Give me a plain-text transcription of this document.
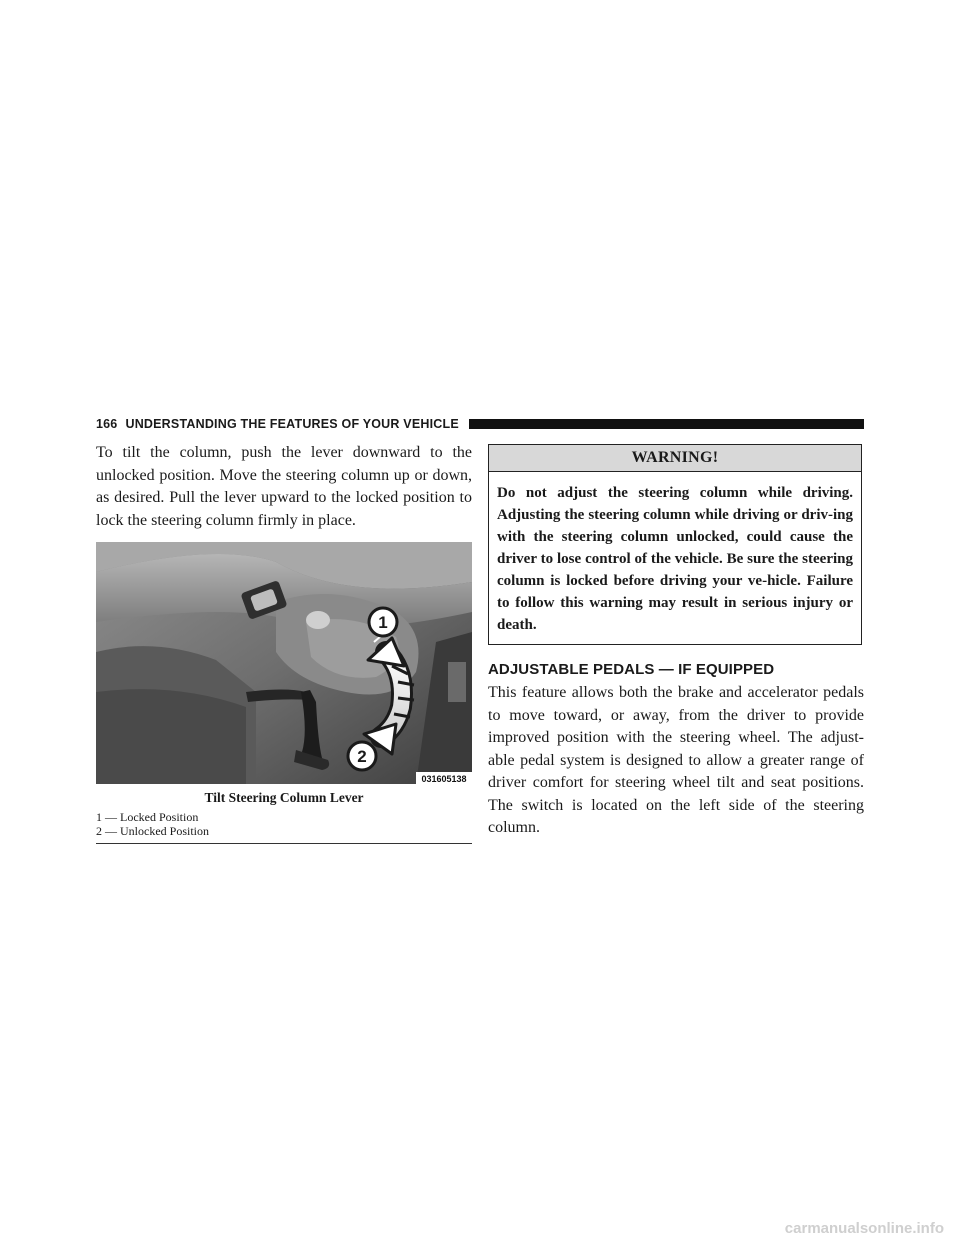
166 UNDERSTANDING THE FEATURES OF YOUR VEHICLE

To tilt the column, push the lever downward to the unlocked position. Move the steering column up or down, as desired. Pull the lever upward to the locked position to lock the steering column firmly in place.

1
2
031605138
Tilt Steering Column Lever
1 — Locked Position
2 — Unlocked Position
WARNING!

Do not adjust the steering column while driving. Adjusting the steering column while driving or driv-ing with the steering column unlocked, could cause the driver to lose control of the vehicle. Be sure the steering column is locked before driving your ve-hicle. Failure to follow this warning may result in serious injury or death.

ADJUSTABLE PEDALS — IF EQUIPPED

This feature allows both the brake and accelerator pedals to move toward, or away, from the driver to provide improved position with the steering wheel. The adjust-able pedal system is designed to allow a greater range of driver comfort for steering wheel tilt and seat positions. The switch is located on the left side of the steering column.

carmanualsonline.info
